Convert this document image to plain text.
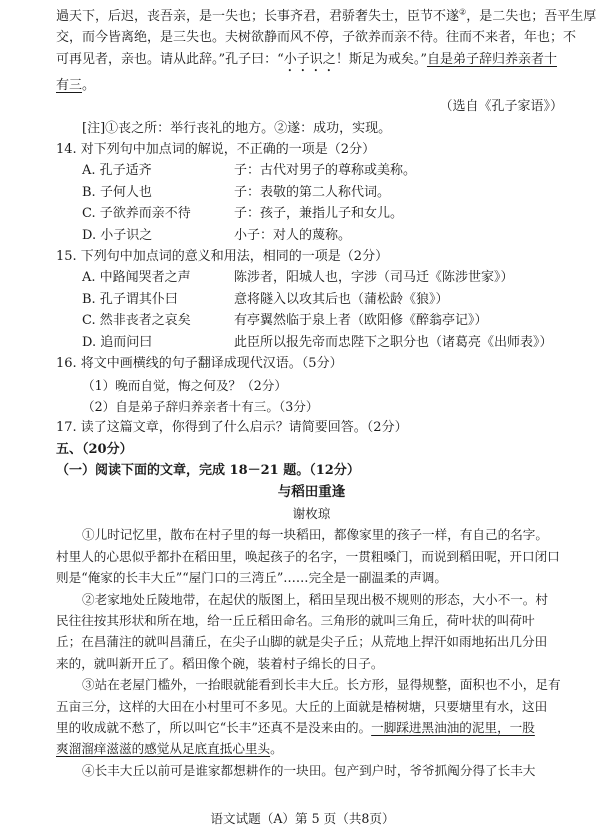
過天下，后迟，丧吾亲，是一失也；长事齐君，君骄奢失士，臣节不遂②，是二失也；吾平生厚
交，而今皆离绝，是三失也。夫树欲静而风不停，子欲养而亲不待。往而不来者，年也；不
可再见者，亲也。请从此辞。”孔子曰：“小子识之！斯足为戒矣。”自是弟子辞归养亲者十
有三。
（选自《孔子家语》）
[注]①丧之所：举行丧礼的地方。②遂：成功，实现。
14. 对下列句中加点词的解说，不正确的一项是（2分）
A. 孔子适齐	子：古代对男子的尊称或美称。
B. 子何人也	子：表敬的第二人称代词。
C. 子欲养而亲不待	子：孩子，兼指儿子和女儿。
D. 小子识之	小子：对人的蔑称。
15. 下列句中加点词的意义和用法，相同的一项是（2分）
A. 中路闻哭者之声	陈涉者，阳城人也，字涉（司马迁《陈涉世家》）
B. 孔子谓其仆曰	意将隧入以攻其后也（蒲松龄《狼》）
C. 然非丧者之哀矣	有亭翼然临于泉上者（欧阳修《醉翁亭记》）
D. 追而问曰	此臣所以报先帝而忠陛下之职分也（诸葛亮《出师表》）
16. 将文中画横线的句子翻译成现代汉语。（5分）
（1）晚而自觉，悔之何及？（2分）
（2）自是弟子辞归养亲者十有三。（3分）
17. 读了这篇文章，你得到了什么启示？请简要回答。（2分）
五、（20分）
（一）阅读下面的文章，完成 18－21 题。（12分）
与稻田重逢
谢枚琼
①儿时记忆里，散布在村子里的每一块稻田，都像家里的孩子一样，有自己的名字。
村里人的心思似乎都扑在稻田里，唤起孩子的名字，一贯粗嗓门，而说到稻田呢，开口闭口
则是“俺家的长丰大丘”“屋门口的三湾丘”……完全是一副温柔的声调。
②老家地处丘陵地带，在起伏的版图上，稻田呈现出极不规则的形态，大小不一。村
民往往按其形状和所在地，给一丘丘稻田命名。三角形的就叫三角丘，荷叶状的叫荷叶
丘；在昌蒲注的就叫昌蒲丘，在尖子山脚的就是尖子丘；从荒地上捍汗如雨地拓出几分田
来的，就叫新开丘了。稻田像个碗，装着村子绵长的日子。
③站在老屋门槛外，一抬眼就能看到长丰大丘。长方形，显得规整，面积也不小，足有
五亩三分，这样的大田在小村里可不多见。大丘的上面就是椿树塘，只要塘里有水，这田
里的收成就不愁了，所以叫它“长丰”还真不是没来由的。一脚踩进黑油油的泥里，一股
爽溜溜痒滋滋的感觉从足底直抵心里头。
④长丰大丘以前可是谁家都想耕作的一块田。包产到户时，爷爷抓阄分得了长丰大
语文试题（A）第 5 页（共8页）
